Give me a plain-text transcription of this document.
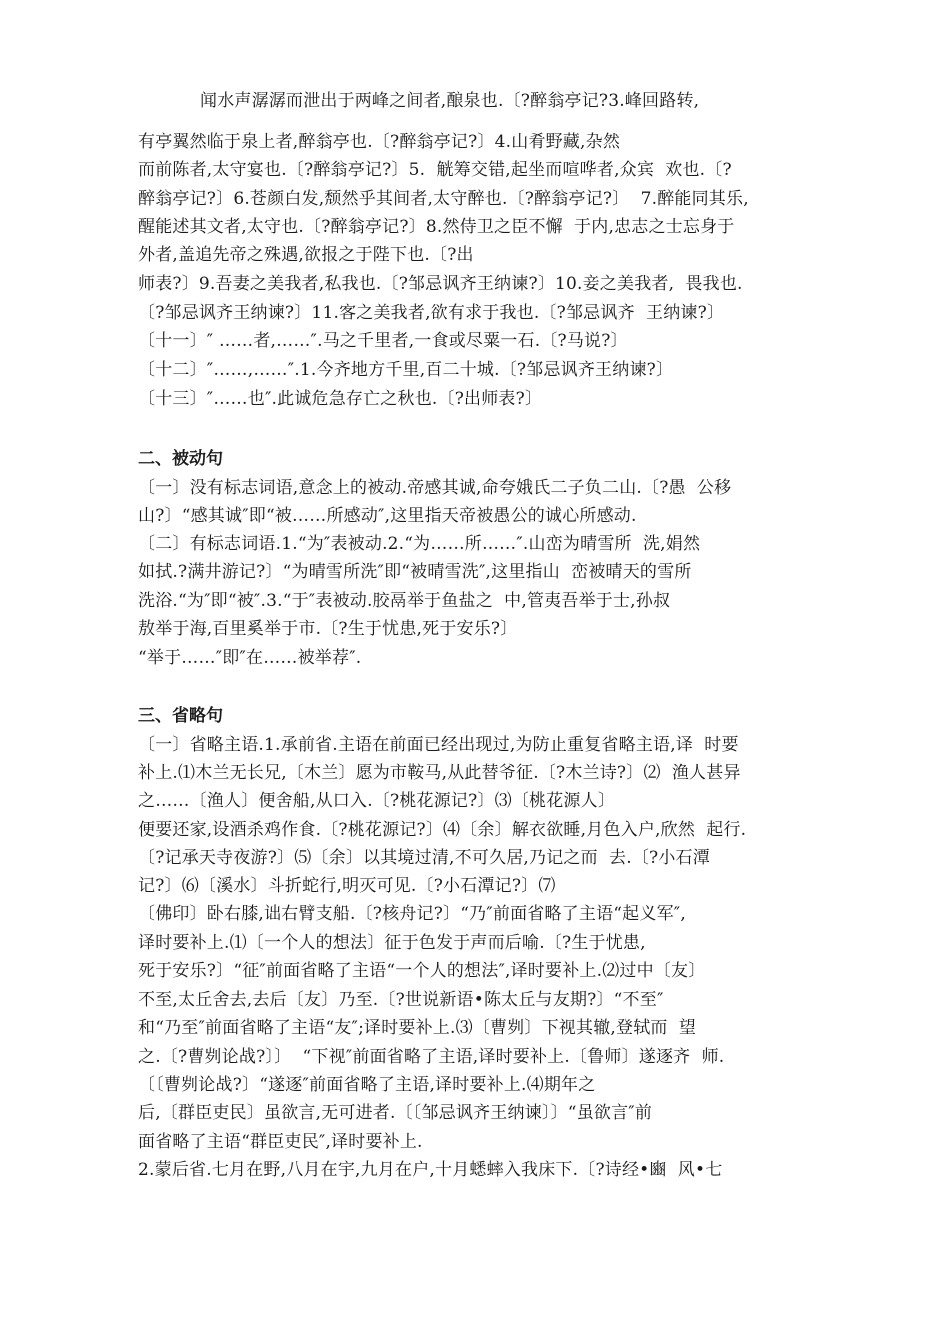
闻水声潺潺而泄出于两峰之间者,酿泉也.〔?醉翁亭记?3.峰回路转,
有亭翼然临于泉上者,醉翁亭也.〔?醉翁亭记?〕4.山肴野藏,杂然
而前陈者,太守宴也.〔?醉翁亭记?〕5.  觥筹交错,起坐而喧哗者,众宾  欢也.〔?
醉翁亭记?〕6.苍颜白发,颓然乎其间者,太守醉也.〔?醉翁亭记?〕  7.醉能同其乐,
醒能述其文者,太守也.〔?醉翁亭记?〕8.然侍卫之臣不懈  于内,忠志之士忘身于
外者,盖追先帝之殊遇,欲报之于陛下也.〔?出
师表?〕9.吾妻之美我者,私我也.〔?邹忌讽齐王纳谏?〕10.妾之美我者,  畏我也.
〔?邹忌讽齐王纳谏?〕11.客之美我者,欲有求于我也.〔?邹忌讽齐  王纳谏?〕
〔十一〕″ ……者,……″.马之千里者,一食或尽粟一石.〔?马说?〕
〔十二〕″……,……″.1.今齐地方千里,百二十城.〔?邹忌讽齐王纳谏?〕
〔十三〕″……也″.此诚危急存亡之秋也.〔?出师表?〕
二、被动句
〔一〕没有标志词语,意念上的被动.帝感其诚,命夸娥氏二子负二山.〔?愚  公移
山?〕“感其诚″即“被……所感动″,这里指天帝被愚公的诚心所感动.
〔二〕有标志词语.1.“为″表被动.2.“为……所……″.山峦为晴雪所  洗,娟然
如拭.?满井游记?〕“为晴雪所洗″即“被晴雪洗″,这里指山  峦被晴天的雪所
洗浴.“为″即“被″.3.“于″表被动.胶鬲举于鱼盐之  中,管夷吾举于士,孙叔
敖举于海,百里奚举于市.〔?生于忧患,死于安乐?〕
“举于……″即″在……被举荐″.
三、省略句
〔一〕省略主语.1.承前省.主语在前面已经出现过,为防止重复省略主语,译  时要
补上.⑴木兰无长兄,〔木兰〕愿为市鞍马,从此替爷征.〔?木兰诗?〕⑵  渔人甚异
之……〔渔人〕便舍船,从口入.〔?桃花源记?〕⑶〔桃花源人〕
便要还家,设酒杀鸡作食.〔?桃花源记?〕⑷〔余〕解衣欲睡,月色入户,欣然  起行.
〔?记承天寺夜游?〕⑸〔余〕以其境过清,不可久居,乃记之而  去.〔?小石潭
记?〕⑹〔溪水〕斗折蛇行,明灭可见.〔?小石潭记?〕⑺
〔佛印〕卧右膝,诎右臂支船.〔?核舟记?〕“乃″前面省略了主语“起义军″,
译时要补上.⑴〔一个人的想法〕征于色发于声而后喻.〔?生于忧患,
死于安乐?〕“征″前面省略了主语“一个人的想法″,译时要补上.⑵过中〔友〕
不至,太丘舍去,去后〔友〕乃至.〔?世说新语•陈太丘与友期?〕“不至″
和“乃至″前面省略了主语“友″;译时要补上.⑶〔曹刿〕下视其辙,登轼而  望
之.〔?曹刿论战?〕〕  “下视″前面省略了主语,译时要补上.〔鲁师〕遂逐齐  师.
〔〔曹刿论战?〕“遂逐″前面省略了主语,译时要补上.⑷期年之
后,〔群臣吏民〕虽欲言,无可进者.〔〔邹忌讽齐王纳谏〕〕“虽欲言″前
面省略了主语“群臣吏民″,译时要补上.
2.蒙后省.七月在野,八月在宇,九月在户,十月蟋蟀入我床下.〔?诗经•豳  风•七
